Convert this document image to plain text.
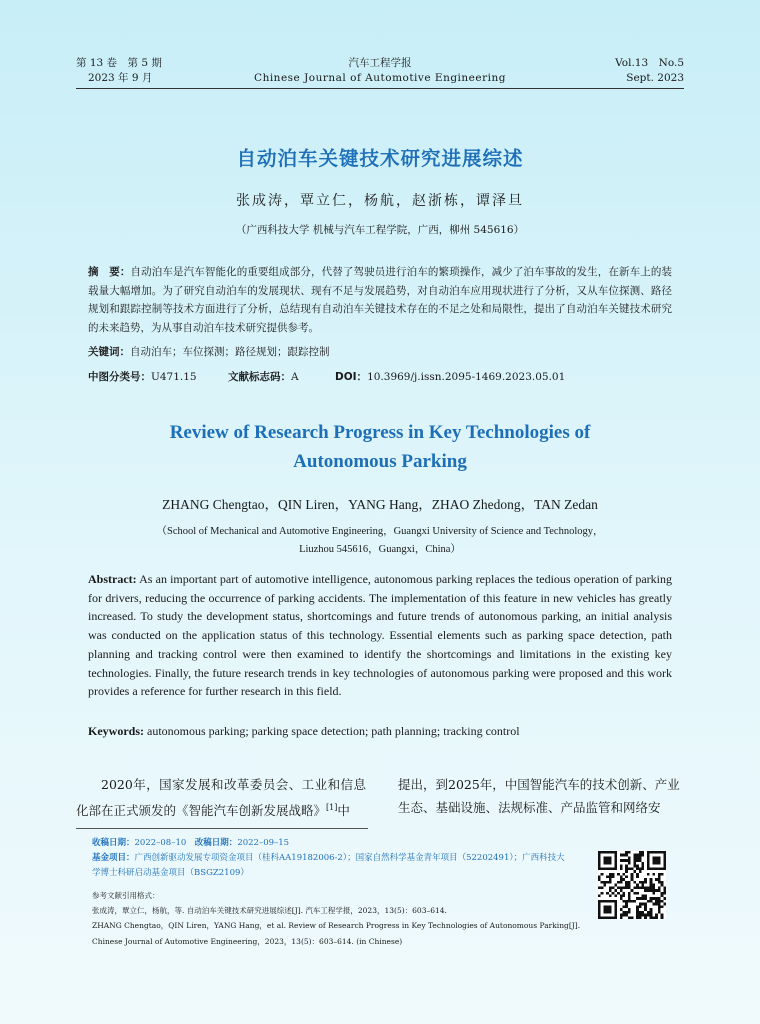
第 13 卷　第 5 期
2023 年 9 月
汽车工程学报
Chinese Journal of Automotive Engineering
Vol.13　No.5
Sept. 2023
自动泊车关键技术研究进展综述
张成涛，覃立仁，杨航，赵浙栋，谭泽旦
（广西科技大学 机械与汽车工程学院，广西，柳州 545616）
摘　要：自动泊车是汽车智能化的重要组成部分，代替了驾驶员进行泊车的繁琐操作，减少了泊车事故的发生，在新车上的装载量大幅增加。为了研究自动泊车的发展现状、现有不足与发展趋势，对自动泊车应用现状进行了分析，又从车位探测、路径规划和跟踪控制等技术方面进行了分析，总结现有自动泊车关键技术存在的不足之处和局限性，提出了自动泊车关键技术研究的未来趋势，为从事自动泊车技术研究提供参考。
关键词：自动泊车；车位探测；路径规划；跟踪控制
中图分类号：U471.15	文献标志码：A	DOI：10.3969/j.issn.2095-1469.2023.05.01
Review of Research Progress in Key Technologies of
Autonomous Parking
ZHANG Chengtao，QIN Liren，YANG Hang，ZHAO Zhedong，TAN Zedan
（School of Mechanical and Automotive Engineering，Guangxi University of Science and Technology，
Liuzhou 545616，Guangxi，China）
Abstract: As an important part of automotive intelligence, autonomous parking replaces the tedious operation of parking for drivers, reducing the occurrence of parking accidents. The implementation of this feature in new vehicles has greatly increased. To study the development status, shortcomings and future trends of autonomous parking, an initial analysis was conducted on the application status of this technology. Essential elements such as parking space detection, path planning and tracking control were then examined to identify the shortcomings and limitations in the existing key technologies. Finally, the future research trends in key technologies of autonomous parking were proposed and this work provides a reference for further research in this field.
Keywords: autonomous parking; parking space detection; path planning; tracking control
2020年，国家发展和改革委员会、工业和信息化部在正式颁发的《智能汽车创新发展战略》[1]中
提出，到2025年，中国智能汽车的技术创新、产业生态、基础设施、法规标准、产品监管和网络安
收稿日期：2022–08–10　 改稿日期：2022–09–15
基金项目：广西创新驱动发展专项资金项目（桂科AA19182006-2）；国家自然科学基金青年项目（52202491）；广西科技大学博士科研启动基金项目（BSGZ2109）
参考文献引用格式：
张成涛，覃立仁，杨航，等. 自动泊车关键技术研究进展综述[J]. 汽车工程学报，2023，13(5)：603–614.
ZHANG Chengtao，QIN Liren，YANG Hang，et al. Review of Research Progress in Key Technologies of Autonomous Parking[J]. Chinese Journal of Automotive Engineering，2023，13(5)：603–614. (in Chinese)
